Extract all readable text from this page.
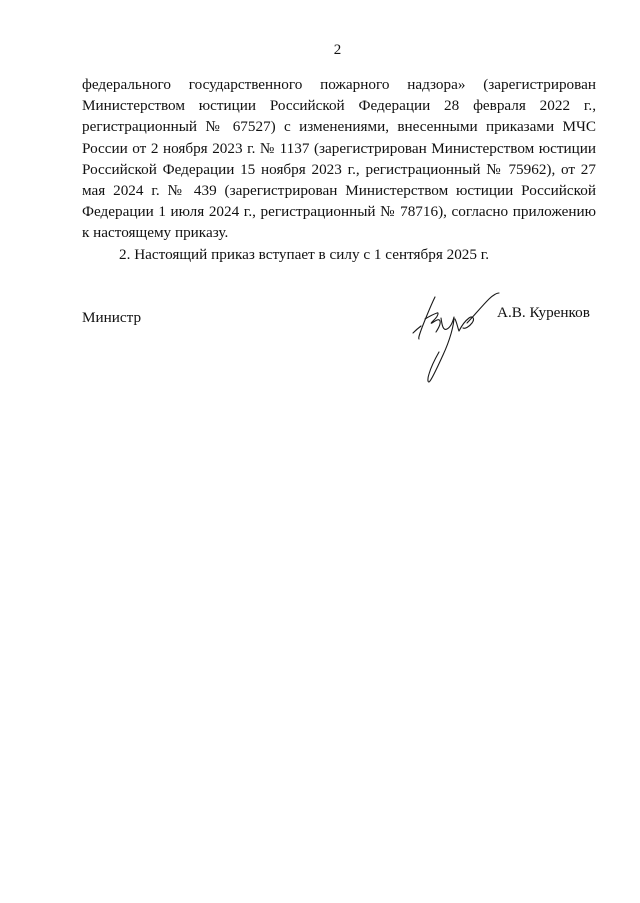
2

федерального государственного пожарного надзора» (зарегистрирован Министерством юстиции Российской Федерации 28 февраля 2022 г., регистрационный № 67527) с изменениями, внесенными приказами МЧС России от 2 ноября 2023 г. № 1137 (зарегистрирован Министерством юстиции Российской Федерации 15 ноября 2023 г., регистрационный № 75962), от 27 мая 2024 г. № 439 (зарегистрирован Министерством юстиции Российской Федерации 1 июля 2024 г., регистрационный № 78716), согласно приложению к настоящему приказу.

2. Настоящий приказ вступает в силу с 1 сентября 2025 г.

Министр	А.В. Куренков
